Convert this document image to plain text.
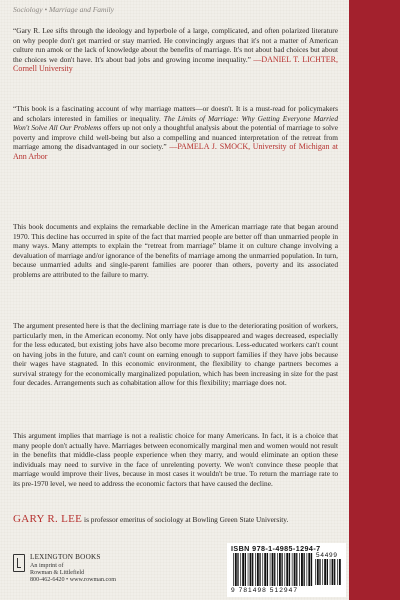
Sociology • Marriage and Family
“Gary R. Lee sifts through the ideology and hyperbole of a large, complicated, and often polarized literature on why people don't get married or stay married. He convincingly argues that it's not a matter of American culture run amok or the lack of knowledge about the benefits of marriage. It's not about bad choices but about the choices we don't have. It's about bad jobs and growing income inequality.” —DANIEL T. LICHTER, Cornell University
“This book is a fascinating account of why marriage matters—or doesn't. It is a must-read for policymakers and scholars interested in families or inequality. The Limits of Marriage: Why Getting Everyone Married Won't Solve All Our Problems offers up not only a thoughtful analysis about the potential of marriage to solve poverty and improve child well-being but also a compelling and nuanced interpretation of the retreat from marriage among the disadvantaged in our society.” —PAMELA J. SMOCK, University of Michigan at Ann Arbor
This book documents and explains the remarkable decline in the American marriage rate that began around 1970. This decline has occurred in spite of the fact that married people are better off than unmarried people in many ways. Many attempts to explain the “retreat from marriage” blame it on culture change involving a devaluation of marriage and/or ignorance of the benefits of marriage among the unmarried population. In turn, because unmarried adults and single-parent families are poorer than others, poverty and its associated problems are attributed to the failure to marry.
The argument presented here is that the declining marriage rate is due to the deteriorating position of workers, particularly men, in the American economy. Not only have jobs disappeared and wages decreased, especially for the less educated, but existing jobs have also become more precarious. Less-educated workers can't count on having jobs in the future, and can't count on earning enough to support families if they have jobs because their wages have stagnated. In this economic environment, the flexibility to change partners becomes a survival strategy for the economically marginalized population, which has been increasing in size for the past four decades. Arrangements such as cohabitation allow for this flexibility; marriage does not.
This argument implies that marriage is not a realistic choice for many Americans. In fact, it is a choice that many people don't actually have. Marriages between economically marginal men and women would not result in the benefits that middle-class people experience when they marry, and would eliminate an option these individuals may need to survive in the face of unrelenting poverty. We won't convince these people that marriage would improve their lives, because in most cases it wouldn't be true. To return the marriage rate to its pre-1970 level, we need to address the economic factors that have caused the decline.
GARY R. LEE is professor emeritus of sociology at Bowling Green State University.
LEXINGTON BOOKS
An imprint of
Rowman & Littlefield
800-462-6420 • www.rowman.com
ISBN 978-1-4985-1294-7
54499
9 781498 512947
